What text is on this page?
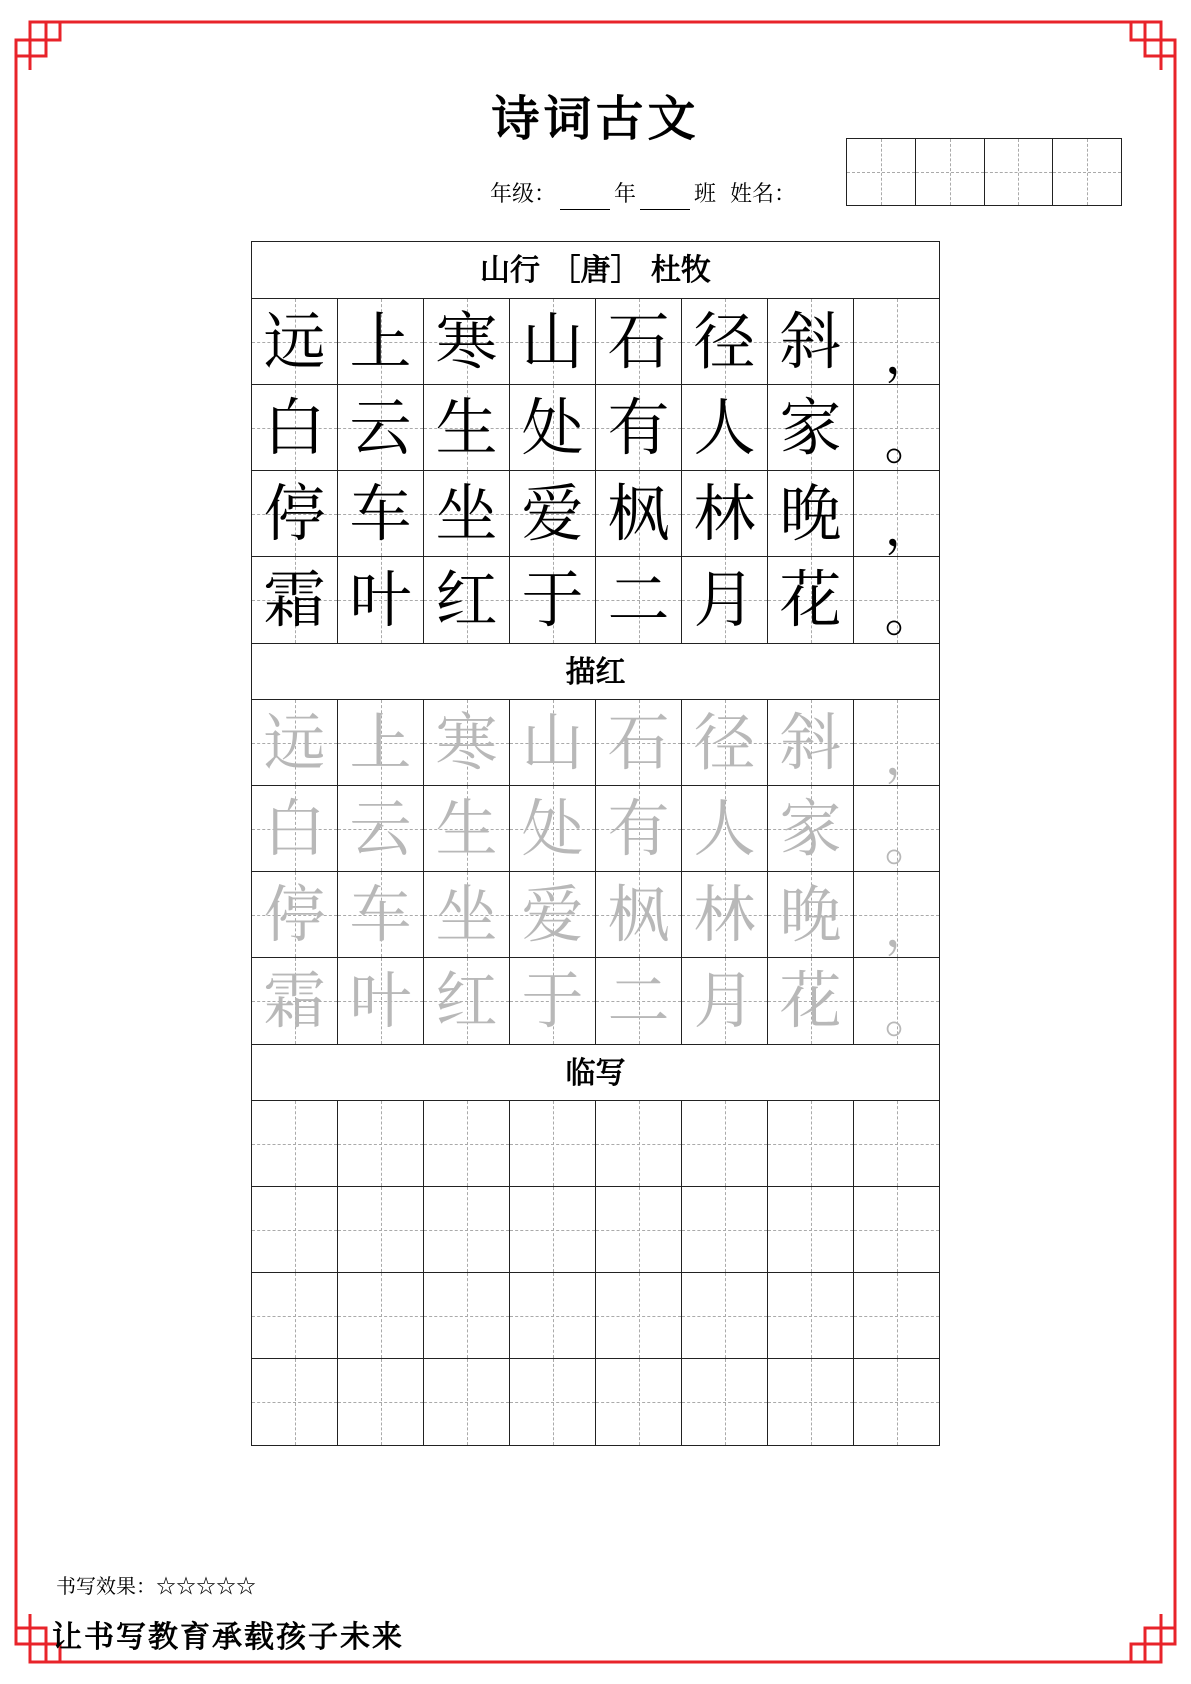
诗词古文
年级：	年	班 姓名：
山行 ［唐］ 杜牧
远 上 寒 山 石 径 斜 ，
白 云 生 处 有 人 家 。
停 车 坐 爱 枫 林 晚 ，
霜 叶 红 于 二 月 花 。
描红
远 上 寒 山 石 径 斜 ，
白 云 生 处 有 人 家 。
停 车 坐 爱 枫 林 晚 ，
霜 叶 红 于 二 月 花 。
临写
书写效果：☆☆☆☆☆
让书写教育承载孩子未来
